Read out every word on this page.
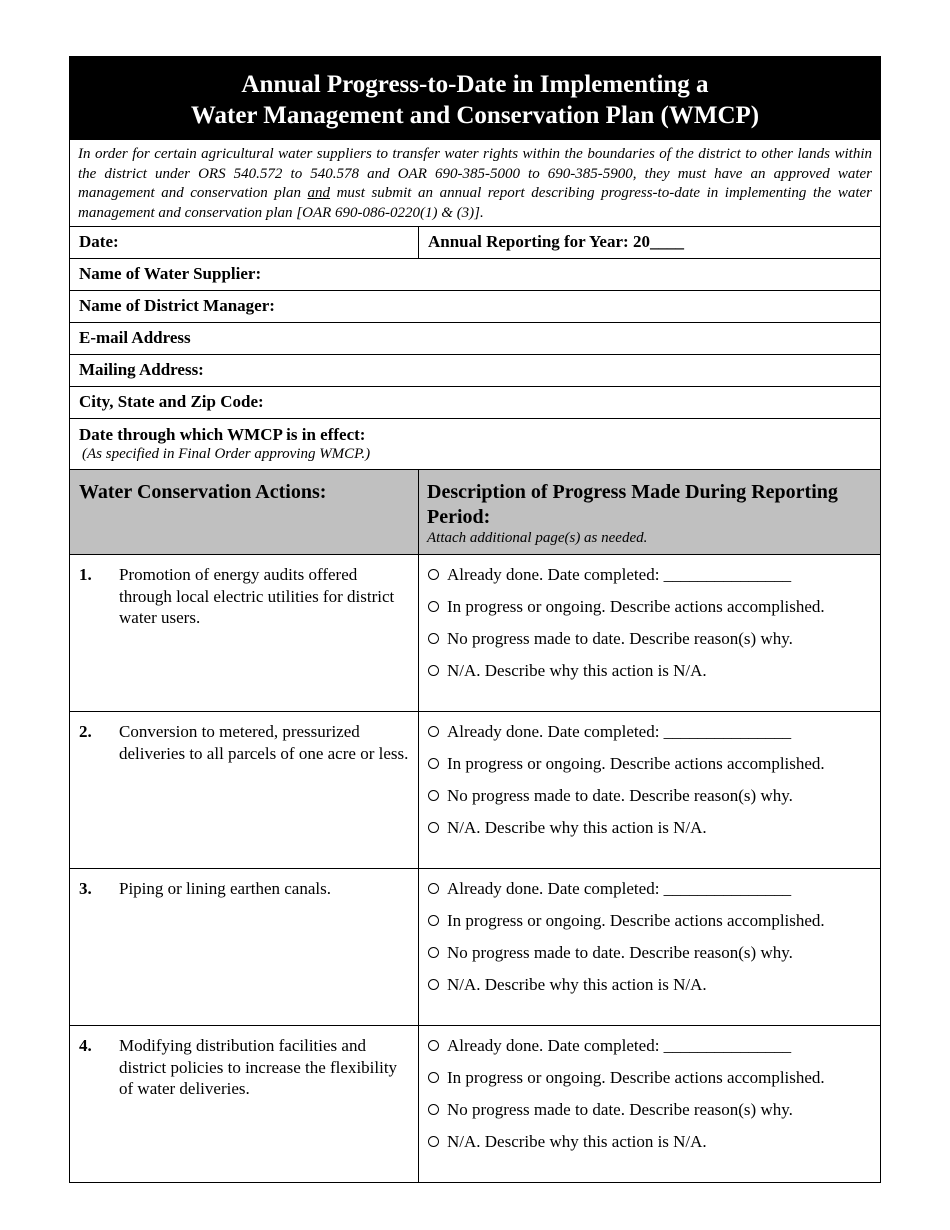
Annual Progress-to-Date in Implementing a
Water Management and Conservation Plan (WMCP)
In order for certain agricultural water suppliers to transfer water rights within the boundaries of the district to other lands within the district under ORS 540.572 to 540.578 and OAR 690-385-5000 to 690-385-5900, they must have an approved water management and conservation plan and must submit an annual report describing progress-to-date in implementing the water management and conservation plan [OAR 690-086-0220(1) & (3)].
Date:	Annual Reporting for Year: 20____
Name of Water Supplier:
Name of District Manager:
E-mail Address
Mailing Address:
City, State and Zip Code:
Date through which WMCP is in effect:
(As specified in Final Order approving WMCP.)
Water Conservation Actions:	Description of Progress Made During Reporting Period:
Attach additional page(s) as needed.
1.	Promotion of energy audits offered through local electric utilities for district water users.
Already done. Date completed: _______________
In progress or ongoing. Describe actions accomplished.
No progress made to date. Describe reason(s) why.
N/A. Describe why this action is N/A.
2.	Conversion to metered, pressurized deliveries to all parcels of one acre or less.
Already done. Date completed: _______________
In progress or ongoing. Describe actions accomplished.
No progress made to date. Describe reason(s) why.
N/A. Describe why this action is N/A.
3.	Piping or lining earthen canals.	Already done. Date completed: _______________
In progress or ongoing. Describe actions accomplished.
No progress made to date. Describe reason(s) why.
N/A. Describe why this action is N/A.
4.	Modifying distribution facilities and district policies to increase the flexibility of water deliveries.
Already done. Date completed: _______________
In progress or ongoing. Describe actions accomplished.
No progress made to date. Describe reason(s) why.
N/A. Describe why this action is N/A.
